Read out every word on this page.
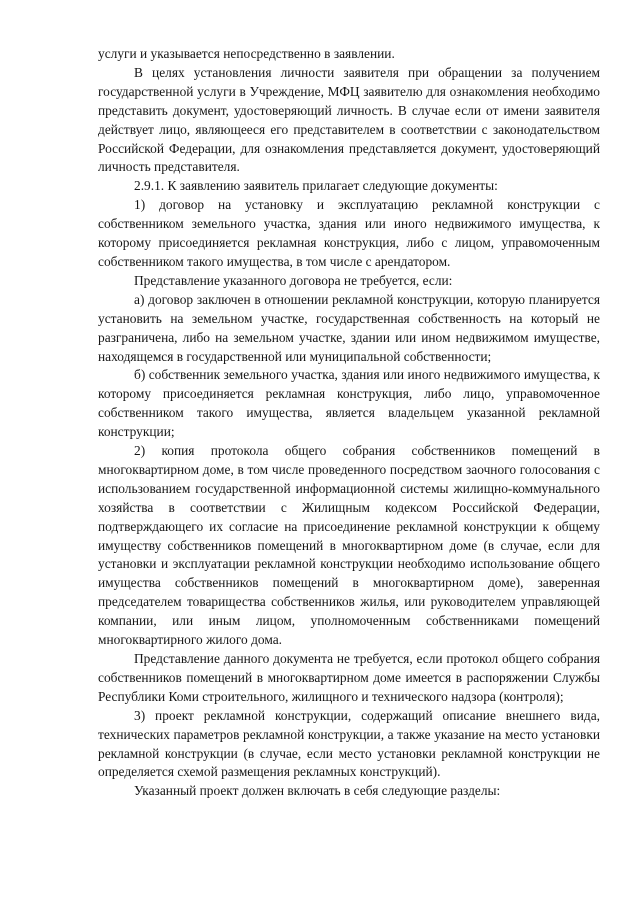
услуги и указывается непосредственно в заявлении.

В целях установления личности заявителя при обращении за получением государственной услуги в Учреждение, МФЦ заявителю для ознакомления необходимо представить документ, удостоверяющий личность. В случае если от имени заявителя действует лицо, являющееся его представителем в соответствии с законодательством Российской Федерации, для ознакомления представляется документ, удостоверяющий личность представителя.

2.9.1. К заявлению заявитель прилагает следующие документы:

1) договор на установку и эксплуатацию рекламной конструкции с собственником земельного участка, здания или иного недвижимого имущества, к которому присоединяется рекламная конструкция, либо с лицом, управомоченным собственником такого имущества, в том числе с арендатором.

Представление указанного договора не требуется, если:

а) договор заключен в отношении рекламной конструкции, которую планируется установить на земельном участке, государственная собственность на который не разграничена, либо на земельном участке, здании или ином недвижимом имуществе, находящемся в государственной или муниципальной собственности;

б) собственник земельного участка, здания или иного недвижимого имущества, к которому присоединяется рекламная конструкция, либо лицо, управомоченное собственником такого имущества, является владельцем указанной рекламной конструкции;

2) копия протокола общего собрания собственников помещений в многоквартирном доме, в том числе проведенного посредством заочного голосования с использованием государственной информационной системы жилищно-коммунального хозяйства в соответствии с Жилищным кодексом Российской Федерации, подтверждающего их согласие на присоединение рекламной конструкции к общему имуществу собственников помещений в многоквартирном доме (в случае, если для установки и эксплуатации рекламной конструкции необходимо использование общего имущества собственников помещений в многоквартирном доме), заверенная председателем товарищества собственников жилья, или руководителем управляющей компании, или иным лицом, уполномоченным собственниками помещений многоквартирного жилого дома.

Представление данного документа не требуется, если протокол общего собрания собственников помещений в многоквартирном доме имеется в распоряжении Службы Республики Коми строительного, жилищного и технического надзора (контроля);

3) проект рекламной конструкции, содержащий описание внешнего вида, технических параметров рекламной конструкции, а также указание на место установки рекламной конструкции (в случае, если место установки рекламной конструкции не определяется схемой размещения рекламных конструкций).

Указанный проект должен включать в себя следующие разделы:
